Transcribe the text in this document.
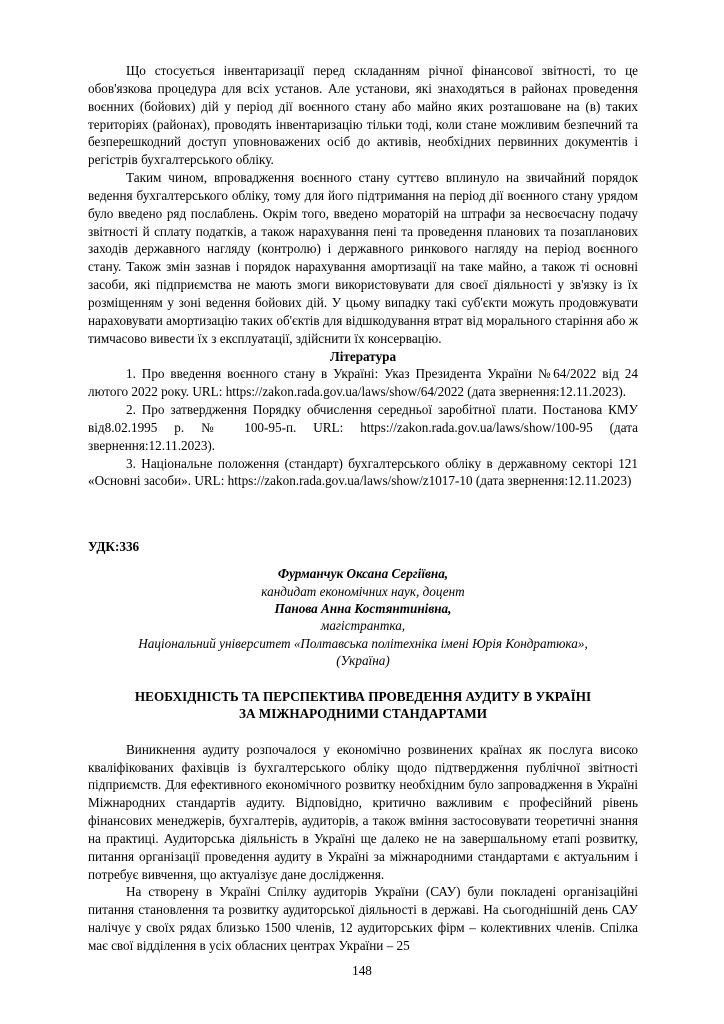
Що стосується інвентаризації перед складанням річної фінансової звітності, то це обов'язкова процедура для всіх установ. Але установи, які знаходяться в районах проведення воєнних (бойових) дій у період дії воєнного стану або майно яких розташоване на (в) таких територіях (районах), проводять інвентаризацію тільки тоді, коли стане можливим безпечний та безперешкодний доступ уповноважених осіб до активів, необхідних первинних документів і регістрів бухгалтерського обліку.

Таким чином, впровадження воєнного стану суттєво вплинуло на звичайний порядок ведення бухгалтерського обліку, тому для його підтримання на період дії воєнного стану урядом було введено ряд послаблень. Окрім того, введено мораторій на штрафи за несвоєчасну подачу звітності й сплату податків, а також нарахування пені та проведення планових та позапланових заходів державного нагляду (контролю) і державного ринкового нагляду на період воєнного стану. Також змін зазнав і порядок нарахування амортизації на таке майно, а також ті основні засоби, які підприємства не мають змоги використовувати для своєї діяльності у зв'язку із їх розміщенням у зоні ведення бойових дій. У цьому випадку такі суб'єкти можуть продовжувати нараховувати амортизацію таких об'єктів для відшкодування втрат від морального старіння або ж тимчасово вивести їх з експлуатації, здійснити їх консервацію.

Література

1. Про введення воєнного стану в Україні: Указ Президента України №64/2022 від 24 лютого 2022 року. URL: https://zakon.rada.gov.ua/laws/show/64/2022 (дата звернення:12.11.2023).

2. Про затвердження Порядку обчислення середньої заробітної плати. Постанова КМУ від8.02.1995 р. № 100-95-п. URL: https://zakon.rada.gov.ua/laws/show/100-95 (дата звернення:12.11.2023).

3. Національне положення (стандарт) бухгалтерського обліку в державному секторі 121 «Основні засоби». URL: https://zakon.rada.gov.ua/laws/show/z1017-10 (дата звернення:12.11.2023)

УДК:336

Фурманчук Оксана Сергіївна,
кандидат економічних наук, доцент
Панова Анна Костянтинівна,
магістрантка,
Національний університет «Полтавська політехніка імені Юрія Кондратюка»,
(Україна)

НЕОБХІДНІСТЬ ТА ПЕРСПЕКТИВА ПРОВЕДЕННЯ АУДИТУ В УКРАЇНІ
ЗА МІЖНАРОДНИМИ СТАНДАРТАМИ

Виникнення аудиту розпочалося у економічно розвинених країнах як послуга високо кваліфікованих фахівців із бухгалтерського обліку щодо підтвердження публічної звітності підприємств. Для ефективного економічного розвитку необхідним було запровадження в Україні Міжнародних стандартів аудиту. Відповідно, критично важливим є професійний рівень фінансових менеджерів, бухгалтерів, аудиторів, а також вміння застосовувати теоретичні знання на практиці. Аудиторська діяльність в Україні ще далеко не на завершальному етапі розвитку, питання організації проведення аудиту в Україні за міжнародними стандартами є актуальним і потребує вивчення, що актуалізує дане дослідження.

На створену в Україні Спілку аудиторів України (САУ) були покладені організаційні питання становлення та розвитку аудиторської діяльності в державі. На сьогоднішній день САУ налічує у своїх рядах близько 1500 членів, 12 аудиторських фірм – колективних членів. Спілка має свої відділення в усіх обласних центрах України – 25

148
